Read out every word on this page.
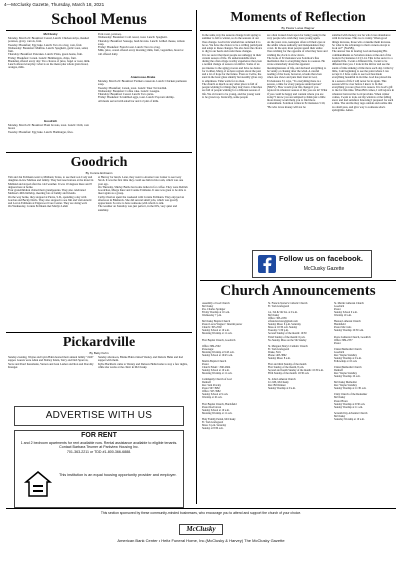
4—McClusky Gazette, Thursday, March 18, 2021
School Menus
McClusky
Monday, March 22: Breakfast: Cereal, Lunch: Chicken strips, mashed potatoes, gravy, carrots, fruit.
Tuesday: Breakfast: Egg bake. Lunch: Taco in a bag, corn, fruit.
Wednesday: Breakfast: Muffins. Lunch: Spaghetti, garlic toast, salad, fruit.
Thursday: Breakfast: Pancakes. Lunch: Pizza, green beans, fruit.
Friday: Breakfast: Cereal. Lunch: Hamburgers, chips, fruit.
Breakfast offered every day: Two choices of juice, bagel or toast, milk. Lunch offered everyday: what is on the menu plus whole grain bread, oranges, milk.
Pork roast, potatoes.
Wednesday: Breakfast: Cold cereal, toast. Lunch: Spaghetti.
Thursday: Breakfast: Sausage, hash browns. Lunch: Grilled cheese, tomato soup.
Friday: Breakfast: French toast. Lunch: Taco in a bag.
Milk, juice, cereal offered every morning; milk, fruit, vegetables, bread or roll offered daily.
Anamoose-Drake
Monday, March 22: Breakfast: Farmers casserole. Lunch: Chicken parmesan soup.
Tuesday: Breakfast: Cereal, toast. Lunch: Tater Tot hotdish.
Wednesday: Breakfast: Coffee cake. Lunch: Lasagna.
Thursday: Breakfast: Cereal. Lunch: Taco pizza.
Friday: Breakfast: Scrambled eggs, toast. Lunch: Popcorn shrimp.
All meals served with salad bar and 1/2 pint of milk.
Goodrich
Monday, March 22: Breakfast: Hash browns, toast. Lunch: Chili, corn bread.
Tuesday: Breakfast: Egg bake. Lunch: Hamburger, fries.
Goodrich
By Connie Erdmann
Tim and Jan Erdmann went to Midland, Texas, to see their son Cody and daughter-in-law Melissa and family. They had reservations at the motel in Midland and stayed after the cold weather. It was 10 degrees there and 8 degrees here at home.
Four grandchildren visited their grandparents. They also celebrated Melissa's 40th birthday, meeting lots of family and friends.
On the way home, they stopped at Pierre, S.D., spending a day with Gordon and Becky Davis. They also stopped to see Jim and visit Arnold and Lavon Erdmann at Edgewood Care Center. They are doing well.
On Wednesday, Connie Erdmann met Marlys Lahm
at Harvey for lunch. Later, they went to Atonna Care Center to see Gary Stroh. It was the first time they could see him in his room, which was one year ago.
On Thursday, Shirley Bartle had some ladies in for coffee. They were Delilah Goodchon, Marge Kurz and Connie Erdmann. It sure was great to be able to meet again as a group.
Cathy Overton spent the weekend with Connie Erdmann. They enjoyed an afternoon in Bismarck. She did several small jobs, which was greatly appreciated. So nice to have someone with whom to talk.
The weather on Saturday was just perfect, in the 60's, very quiet and sunshiny.
Pickardville
By Betty Kuhn
Sunday evening, Wayne and Lynn Hahn hosted their annual family "chili" supper. Guests were Allen and Shirley Klein, Terry and Deb Sparrow, Steve and Pearl Kessmann, Vernon and Jean Lasher and Ron and Dorothy Kreuger.
Sunday afternoon, Blaine Hahn visited Wesley and Deloris Hehn and had supper with them.
Kylie Buchholz came to Wesley and Delores Hehn home to stay a few nights, while she works at the clinic in McClusky.
ADVERTISE WITH US
FOR RENT
1 and 2 bedroom apartments for rent available now. Rental assistance available to eligible tenants.
Contact Barbara Teumer at Parkview Housing Inc.
701-363-2211 or TDD #1-800-366-6888.
This institution is an equal housing opportunity provider and employer.
Moments of Reflection
By Pastor Lucas Wagner
In the same way the seasons change from spring to summer to fall to winter, so do the seasons of our lives change. God in his wisdom has ordained it to be so. We have the choice to be a willing participant and adapt to these changes. We also have the choice to dig in our heels and resist these changes.
It is no secret that most people are unhappy in their current season of life. It's understandable since during the often cringe worthy experience that even a normal change of season can inflict. Some of us are intense to the aging process and have no desire for it either. Many of us have regrets about the past and a lot of hope for the future. Even as I write, the sand in the hour glass silently but steadily gives way to emptiness. Time waits for no man.
The church as much as any other place is full of people wishing for things they don't have. Churches are full of people wishing for a different season of life. We old want to be young, and the young want to be grown up. Ironically, some people
are often looked down upon for being young in the very people who wish they were young again.
As the years wax, teenagers often roll their eyes at the adults whose authority and independence they covet. In the end, most people spend their entire lives wishing for the opposite of what they have and wishing the clock to slow down.
The book of Ecclesiastes was Solomon's fine meditation that to everything there is a season. He wrote extensively about the apparent meaninglessness of life, and declared everything to be vanity or chasing after the wind. A careful reading of the book, however, reveals that even when one views and puts their trust in God, Ecclesiastes 3:1 says, "To everything there is a season, a time for every purpose under heaven" (NKJV). How would your life change if you rejoiced in whatever season of life you are in? What if you could be happy and content where you are today? I know you are tempted to think just a little more money would help you to find more contentment. Solomon writes in Ecclesiastes 5:10, "He who loves money will not be
satisfied with money; nor he who loves abundance with its increase. This too is vanity. When good things increase, those who consume them increase. So what is the advantage to their owners except to look on?" (NASB).
The answer lies in fearing God and keeping His commandments as Solomon states at the end of the book in Ecclesiastes 12:13-14. This is the secret to a satisfied life. I want a different life, I want to be different than you. I look in the mirror and see the sands of time sinking a little more each day. Little by little, I am beginning to see the point where I can accept it. I have come to see God has made everything beautiful in its time. God has placed me in a season of life I will never be in again. This season will be over before I know it. In that everything you are gives it its reason. It is God's gift to me for this time. When Bill comes, I will rejoice in whatever harvest the Lord provides. When winter comes, I want to look out my window at the falling snow and feel satisfied. Knowing I prepared for such a time. The storms may rage outside and realize this too shall pass, and give way to someone else's springtime. Amen.
Follow us on facebook.
McClusky Gazette
Church Announcements
Assembly of God Church
McClusky
Pas. Charles Springer
Friday Worship at 10 a.m.
Wednesday 7 p.m.

McClusky Baptist Church
Pastor Lucas Wagner • Interim pastor
Church: 363-2502
Sunday School at 10 a.m.
Morning Worship at 11 a.m.

First Baptist Church, Goodrich

Office: 884-2592
Parsonage:
Morning Worship at 9:45 a.m.
Sunday School at 10:45 a.m.

Martin Baptist Church
Pastor
Church Email: ~360-2664
Sunday School at 10 a.m.
Morning Worship at 11 a.m.

Community Church of God
Denhoff
Rev. Sam Powley
Pastor 567-3982
Office: 567-3982
Sunday School at 9 a.m.
Worship at 10 a.m.

First Baptist Church, Hurdsfield
Pastor Rod Given
Sunday School at 10 a.m.
Morning Worship at 11 a.m.

Holy Family Parish, McClusky
Fr. Tom Grafsgaard
Mass: 6 p.m. Saturday
Sunday at 8:30 a.m.
St. Francis Xavier's Catholic Church
Fr. Tom Grafsgaard

1st, 3rd & 5th Sat. at 9 a.m.
McClusky
Office: 363-2236
stfrancisxavier@gmail.com
Sunday Mass: 6 p.m. Saturday
Mass at 10:30 a.m. Sunday
Tuesday: 5:30 p.m.
Second Sunday of the month: 10:30
Third Sunday of the month: 6 p.m.
No Sunday Mass on the 5th Sunday

St. Margaret Mary's Catholic Church
Fr. Tom Grafsgaard
Drake, N.D.
Phone: 465-3862
Sunday Mass: 8 a.m.

First and third Sunday of the month
First Sunday of the month, 8 a.m.
Second and fourth Sunday of the month: 10:30 a.m.
Fifth Sunday of the month: 10:30 a.m.

St. John Lutheran Church
LC-MS, McClusky
Rev. Bill Kinner
Sunday Worship at 9 a.m.
St. Martin Lutheran Church
Goodrich
Pastor
Sunday School 9 a.m.
Worship 10 a.m.

Heaton Lutheran Church
Hurdsfield
Pastor Ma Cutts
Sunday Worship 10:30 a.m.

Peace Lutheran Church, Goodrich
Office: 884-2357
Pastor

United Methodist Church
Goodrich
Rev. Wayne Standley
Sunday Worship at 9 a.m.
Fellowship at 10 a.m.

United Methodist Church
Denhoff
Rev. Wayne Standley
Sunday Worship 10 a.m.

McClusky Methodist
Rev. Wayne Standley
Sunday Worship at 11:30 a.m.

Unity Church of the Redeemer
McClusky
Pastor Bruce
Sunday Worship at 9:30 a.m.
Sunday Worship at 11 a.m.

Seventh Day Adventist Church
McClusky
Saturday Worship at 10 a.m.
This section sponsored by these community-minded businesses, who encourage you to attend and support the church of your choice.
McClusky
American Bank Center • Heitz Funeral Home, Inc.(McClusky & Harvey) The McClusky Gazette
